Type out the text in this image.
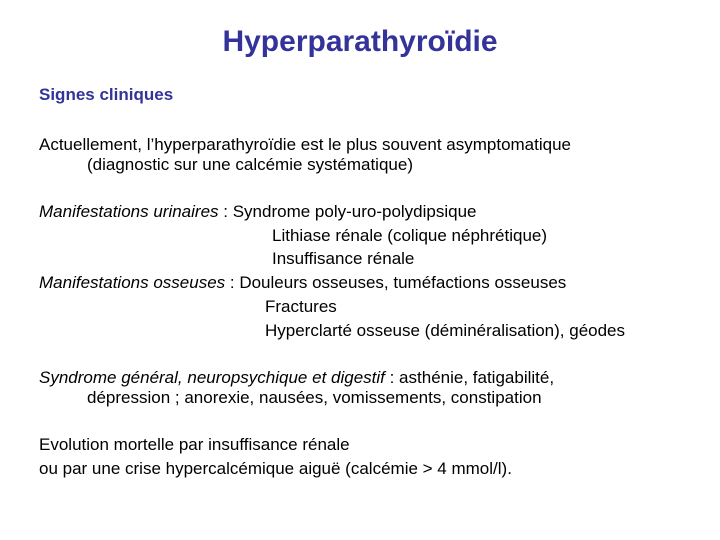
Hyperparathyroïdie

Signes cliniques

Actuellement, l’hyperparathyroïdie est le plus souvent asymptomatique

(diagnostic sur une calcémie systématique)

Manifestations urinaires : Syndrome poly-uro-polydipsique

Lithiase rénale (colique néphrétique)

Insuffisance rénale

Manifestations osseuses : Douleurs osseuses, tuméfactions osseuses

Fractures

Hyperclarté osseuse (déminéralisation), géodes

Syndrome général, neuropsychique et digestif : asthénie, fatigabilité,

dépression ; anorexie, nausées, vomissements, constipation

Evolution mortelle par insuffisance rénale

ou par une crise hypercalcémique aiguë (calcémie > 4 mmol/l).
